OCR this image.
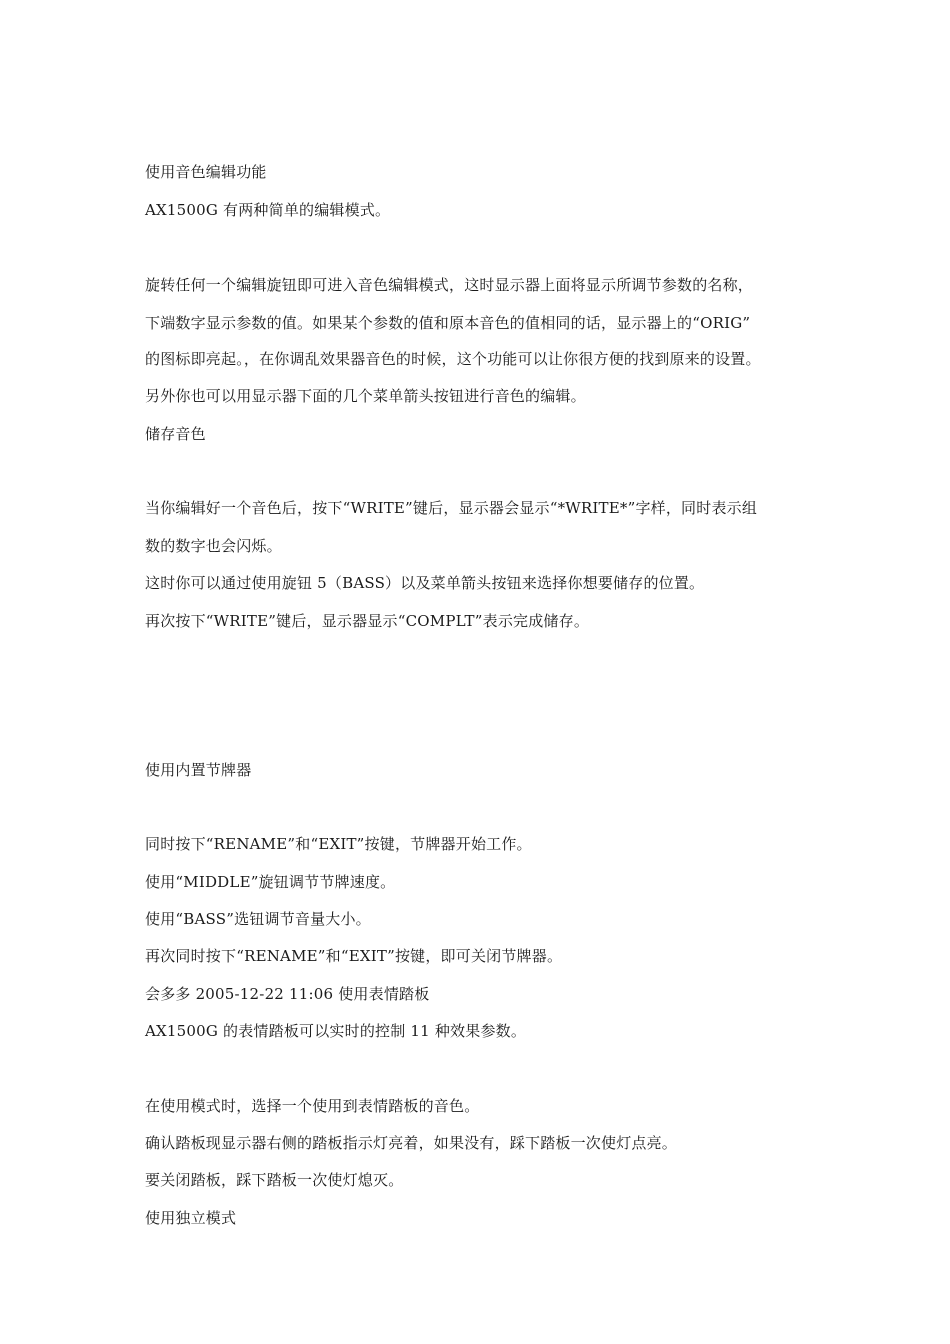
使用音色编辑功能
AX1500G 有两种简单的编辑模式。
旋转任何一个编辑旋钮即可进入音色编辑模式，这时显示器上面将显示所调节参数的名称，
下端数字显示参数的值。如果某个参数的值和原本音色的值相同的话，显示器上的“ORIG”
的图标即亮起。，在你调乱效果器音色的时候，这个功能可以让你很方便的找到原来的设置。
另外你也可以用显示器下面的几个菜单箭头按钮进行音色的编辑。
储存音色
当你编辑好一个音色后，按下“WRITE”键后，显示器会显示“*WRITE*”字样，同时表示组
数的数字也会闪烁。
这时你可以通过使用旋钮 5（BASS）以及菜单箭头按钮来选择你想要储存的位置。
再次按下“WRITE”键后，显示器显示“COMPLT”表示完成储存。
使用内置节牌器
同时按下“RENAME”和“EXIT”按键，节牌器开始工作。
使用“MIDDLE”旋钮调节节牌速度。
使用“BASS”选钮调节音量大小。
再次同时按下“RENAME”和“EXIT”按键，即可关闭节牌器。
会多多 2005-12-22 11:06 使用表情踏板
AX1500G 的表情踏板可以实时的控制 11 种效果参数。
在使用模式时，选择一个使用到表情踏板的音色。
确认踏板现显示器右侧的踏板指示灯亮着，如果没有，踩下踏板一次使灯点亮。
要关闭踏板，踩下踏板一次使灯熄灭。
使用独立模式
